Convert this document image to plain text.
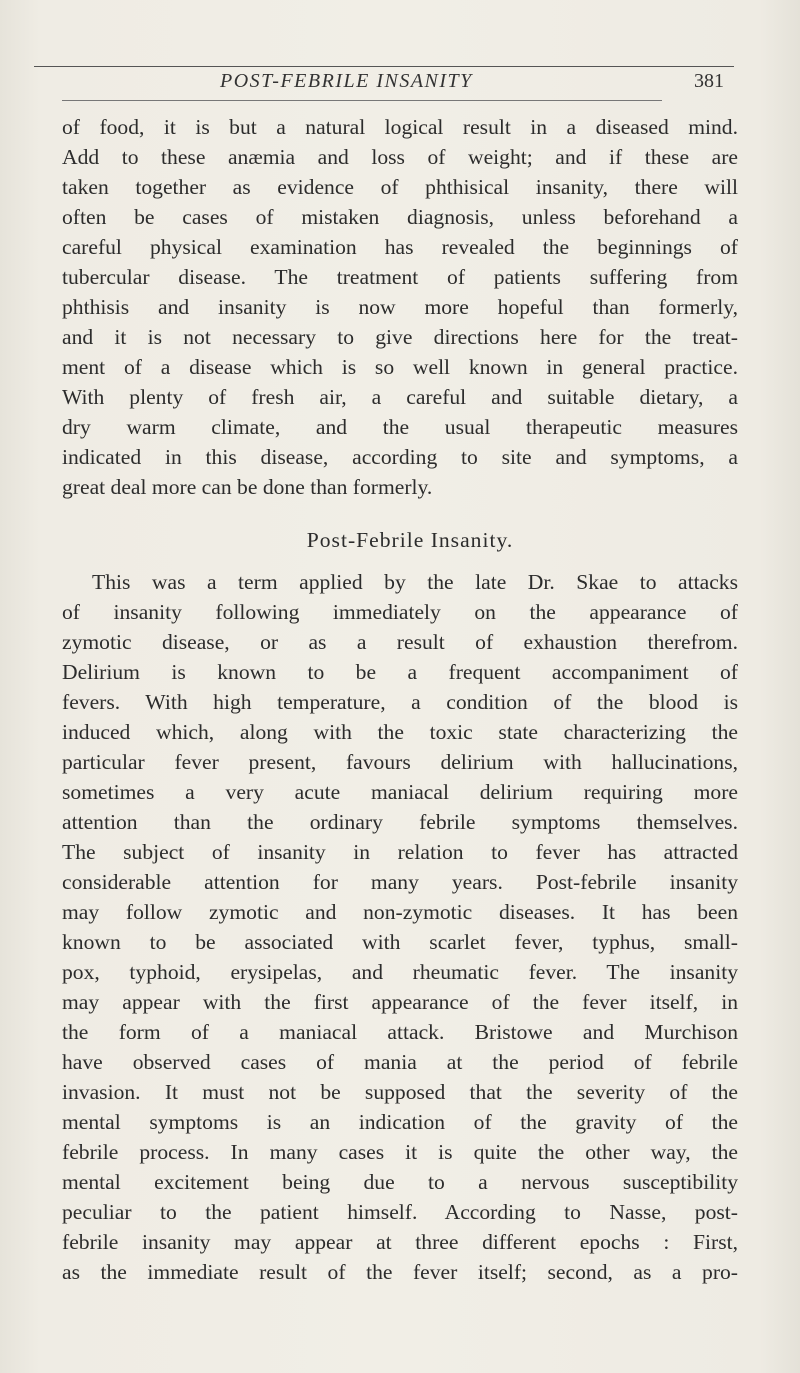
POST-FEBRILE INSANITY	381
of food, it is but a natural logical result in a diseased mind.
Add to these anæmia and loss of weight; and if these are
taken together as evidence of phthisical insanity, there will
often be cases of mistaken diagnosis, unless beforehand a
careful physical examination has revealed the beginnings of
tubercular disease. The treatment of patients suffering from
phthisis and insanity is now more hopeful than formerly,
and it is not necessary to give directions here for the treat-
ment of a disease which is so well known in general practice.
With plenty of fresh air, a careful and suitable dietary, a
dry warm climate, and the usual therapeutic measures
indicated in this disease, according to site and symptoms, a
great deal more can be done than formerly.
Post-Febrile Insanity.
This was a term applied by the late Dr. Skae to attacks
of insanity following immediately on the appearance of
zymotic disease, or as a result of exhaustion therefrom.
Delirium is known to be a frequent accompaniment of
fevers. With high temperature, a condition of the blood is
induced which, along with the toxic state characterizing the
particular fever present, favours delirium with hallucinations,
sometimes a very acute maniacal delirium requiring more
attention than the ordinary febrile symptoms themselves.
The subject of insanity in relation to fever has attracted
considerable attention for many years. Post-febrile insanity
may follow zymotic and non-zymotic diseases. It has been
known to be associated with scarlet fever, typhus, small-
pox, typhoid, erysipelas, and rheumatic fever. The insanity
may appear with the first appearance of the fever itself, in
the form of a maniacal attack. Bristowe and Murchison
have observed cases of mania at the period of febrile
invasion. It must not be supposed that the severity of the
mental symptoms is an indication of the gravity of the
febrile process. In many cases it is quite the other way, the
mental excitement being due to a nervous susceptibility
peculiar to the patient himself. According to Nasse, post-
febrile insanity may appear at three different epochs : First,
as the immediate result of the fever itself; second, as a pro-
